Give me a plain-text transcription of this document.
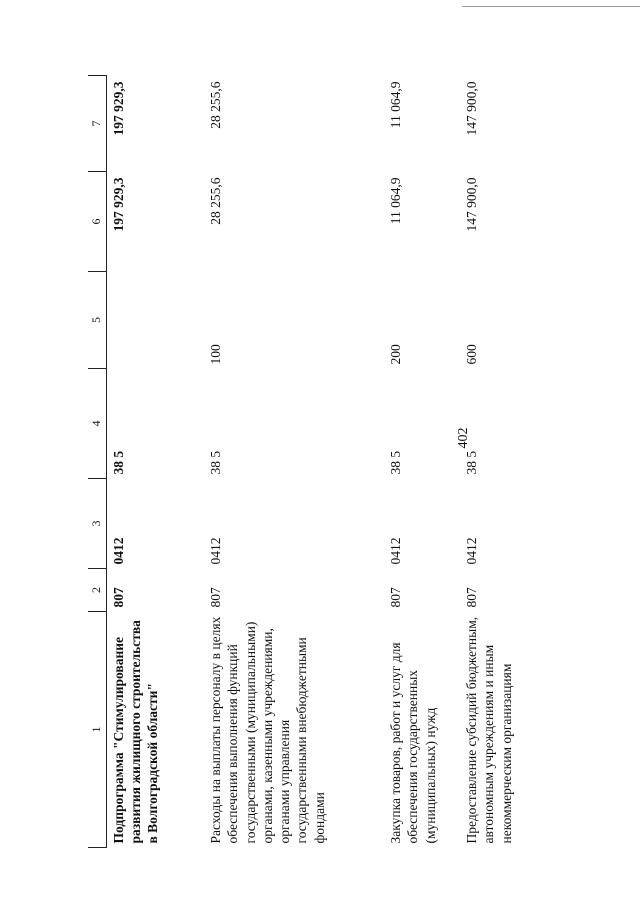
402
1	2	3	4	5	6	7
Подпрограмма "Стимулирование развития жилищного строительства в Волгоградской области"	807	0412	38 5		197 929,3	197 929,3
Расходы на выплаты персоналу в целях обеспечения выполнения функций государственными (муниципальными) органами, казенными учреждениями, органами управления государственными внебюджетными фондами	807	0412	38 5	100	28 255,6	28 255,6
Закупка товаров, работ и услуг для обеспечения государственных (муниципальных) нужд	807	0412	38 5	200	11 064,9	11 064,9
Предоставление субсидий бюджетным, автономным учреждениям и иным некоммерческим организациям	807	0412	38 5	600	147 900,0	147 900,0
